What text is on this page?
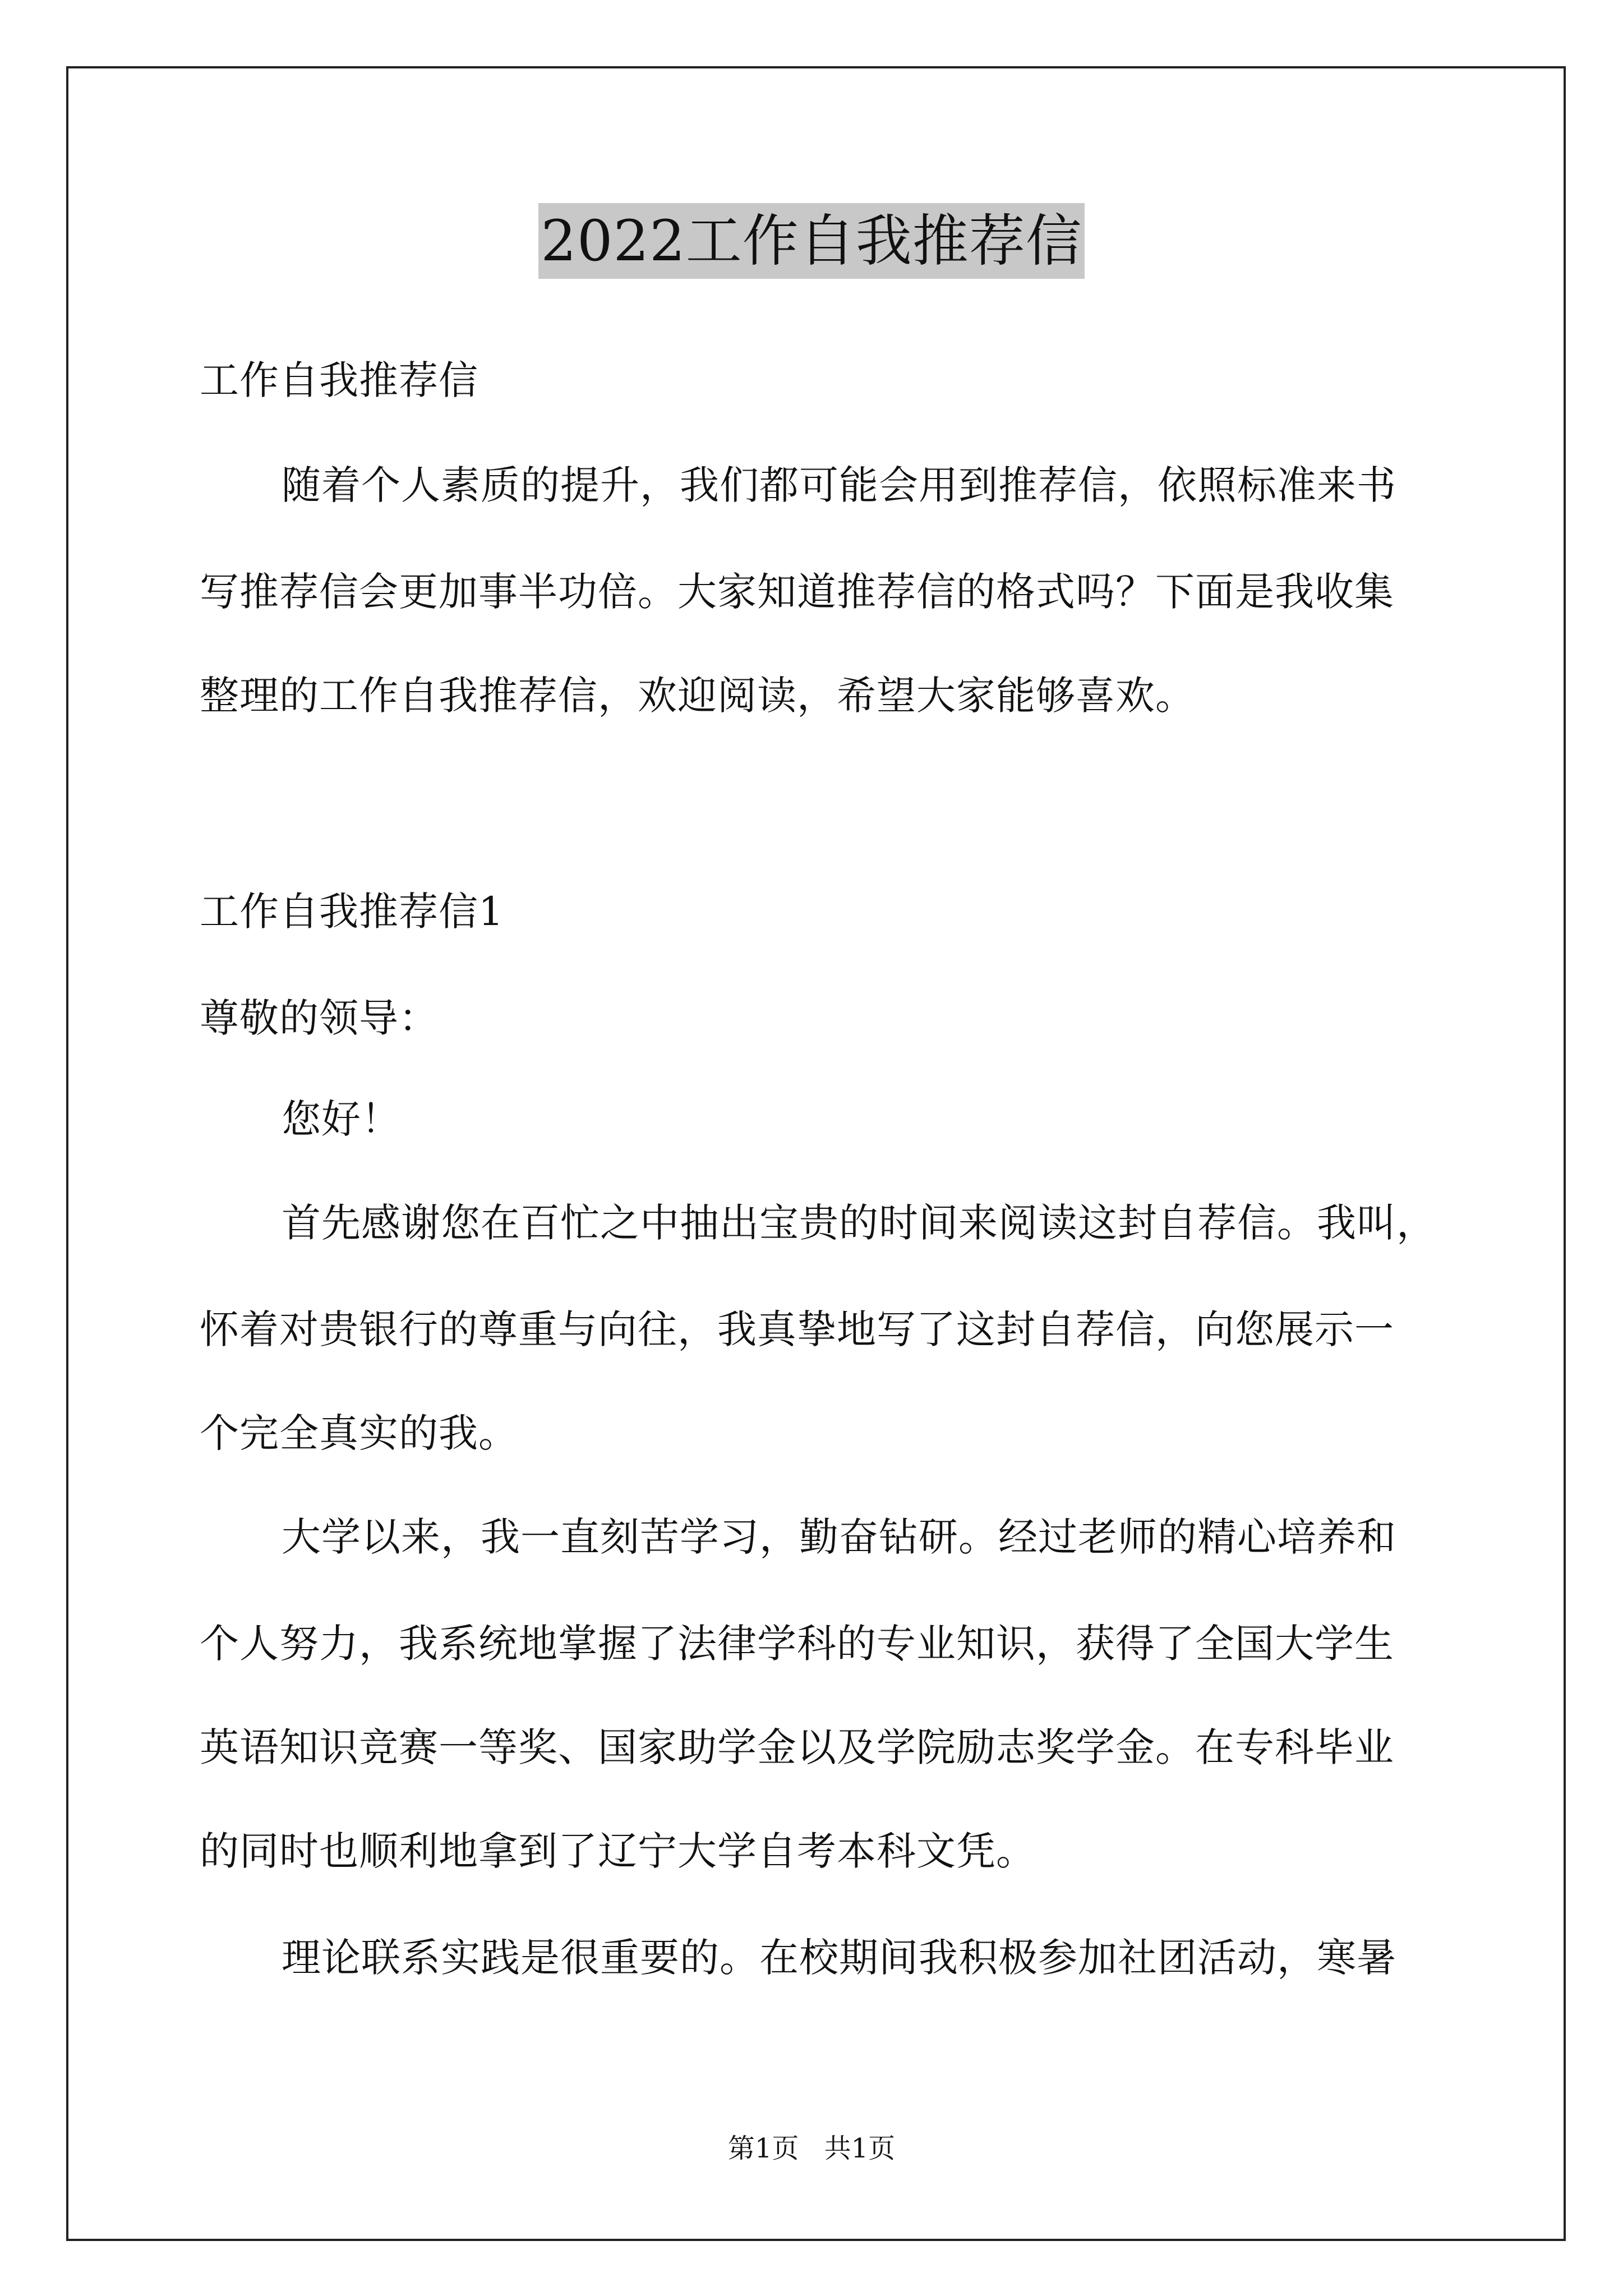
2022工作自我推荐信
工作自我推荐信
随着个人素质的提升，我们都可能会用到推荐信，依照标准来书
写推荐信会更加事半功倍。大家知道推荐信的格式吗？下面是我收集
整理的工作自我推荐信，欢迎阅读，希望大家能够喜欢。
工作自我推荐信1
尊敬的领导：
您好！
首先感谢您在百忙之中抽出宝贵的时间来阅读这封自荐信。我叫，
怀着对贵银行的尊重与向往，我真挚地写了这封自荐信，向您展示一
个完全真实的我。
大学以来，我一直刻苦学习，勤奋钻研。经过老师的精心培养和
个人努力，我系统地掌握了法律学科的专业知识，获得了全国大学生
英语知识竞赛一等奖、国家助学金以及学院励志奖学金。在专科毕业
的同时也顺利地拿到了辽宁大学自考本科文凭。
理论联系实践是很重要的。在校期间我积极参加社团活动，寒暑
第1页 共1页
